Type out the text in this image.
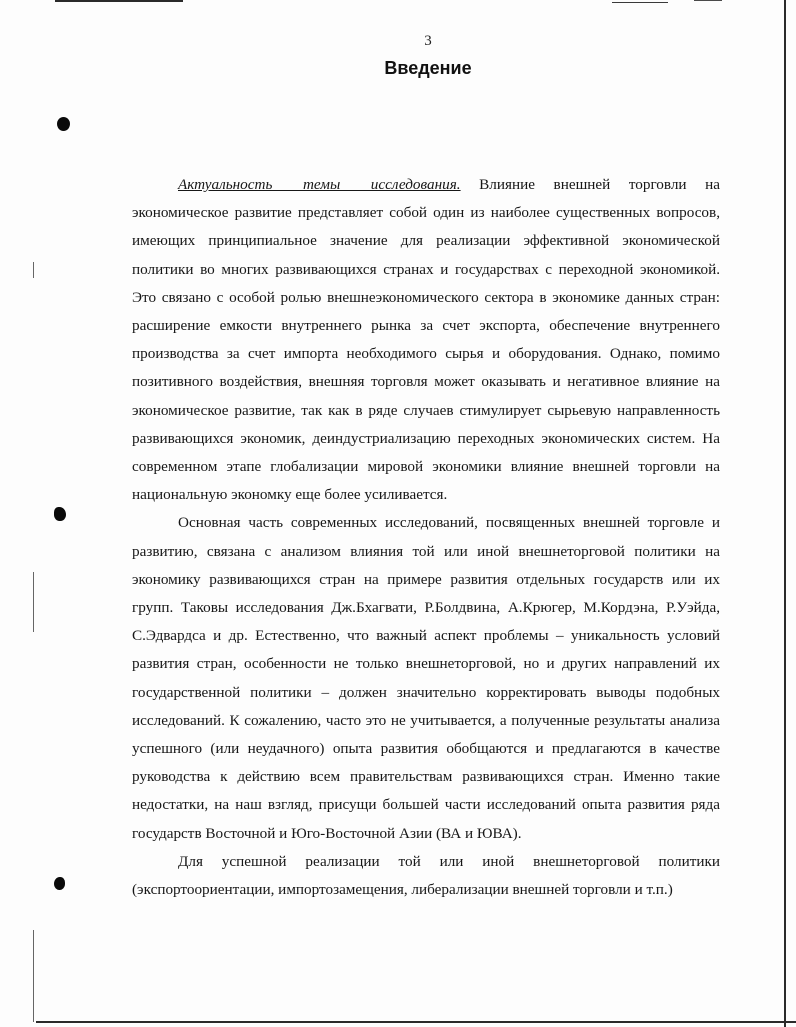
3
Введение

Актуальность темы исследования. Влияние внешней торговли на экономическое развитие представляет собой один из наиболее существенных вопросов, имеющих принципиальное значение для реализации эффективной экономической политики во многих развивающихся странах и государствах с переходной экономикой. Это связано с особой ролью внешнеэкономического сектора в экономике данных стран: расширение емкости внутреннего рынка за счет экспорта, обеспечение внутреннего производства за счет импорта необходимого сырья и оборудования. Однако, помимо позитивного воздействия, внешняя торговля может оказывать и негативное влияние на экономическое развитие, так как в ряде случаев стимулирует сырьевую направленность развивающихся экономик, деиндустриализацию переходных экономических систем. На современном этапе глобализации мировой экономики влияние внешней торговли на национальную экономку еще более усиливается.

Основная часть современных исследований, посвященных внешней торговле и развитию, связана с анализом влияния той или иной внешнеторговой политики на экономику развивающихся стран на примере развития отдельных государств или их групп. Таковы исследования Дж.Бхагвати, Р.Болдвина, А.Крюгер, М.Кордэна, Р.Уэйда, С.Эдвардса и др. Естественно, что важный аспект проблемы – уникальность условий развития стран, особенности не только внешнеторговой, но и других направлений их государственной политики – должен значительно корректировать выводы подобных исследований. К сожалению, часто это не учитывается, а полученные результаты анализа успешного (или неудачного) опыта развития обобщаются и предлагаются в качестве руководства к действию всем правительствам развивающихся стран. Именно такие недостатки, на наш взгляд, присущи большей части исследований опыта развития ряда государств Восточной и Юго-Восточной Азии (ВА и ЮВА).

Для успешной реализации той или иной внешнеторговой политики (экспортоориентации, импортозамещения, либерализации внешней торговли и т.п.)
